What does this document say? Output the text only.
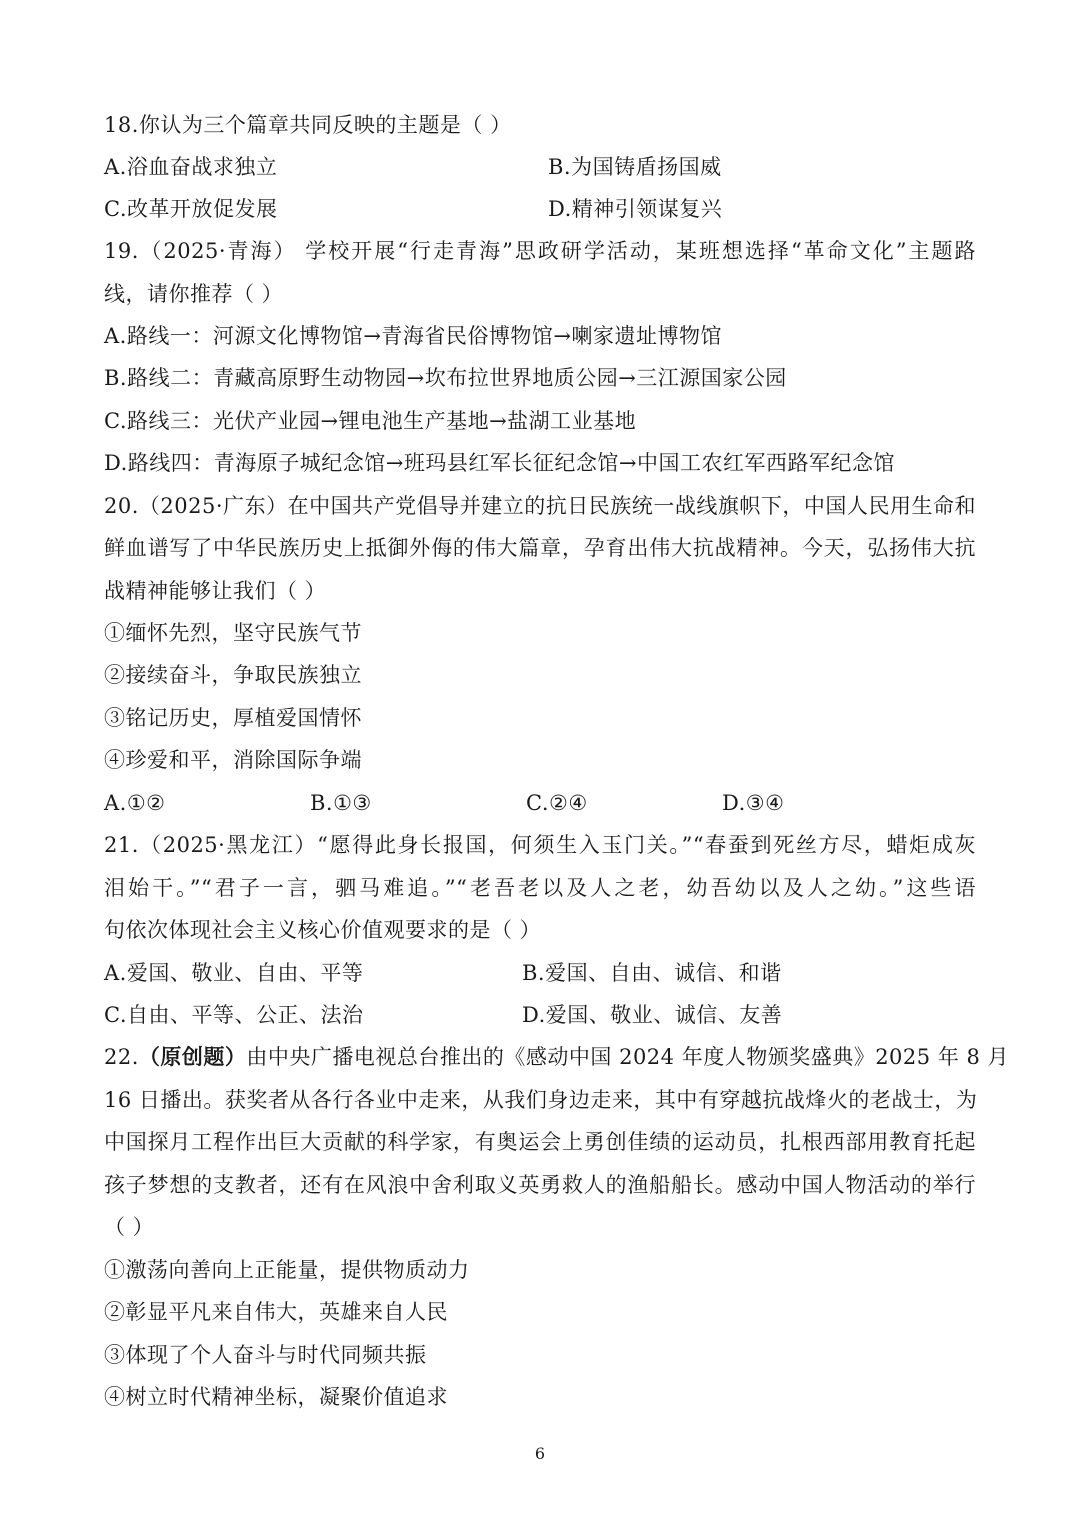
18.你认为三个篇章共同反映的主题是（ ）
A.浴血奋战求独立	B.为国铸盾扬国威
C.改革开放促发展	D.精神引领谋复兴
19.（2025·青海） 学校开展“行走青海”思政研学活动，某班想选择“革命文化”主题路
线，请你推荐（ ）
A.路线一：河源文化博物馆→青海省民俗博物馆→喇家遗址博物馆
B.路线二：青藏高原野生动物园→坎布拉世界地质公园→三江源国家公园
C.路线三：光伏产业园→锂电池生产基地→盐湖工业基地
D.路线四：青海原子城纪念馆→班玛县红军长征纪念馆→中国工农红军西路军纪念馆
20.（2025·广东）在中国共产党倡导并建立的抗日民族统一战线旗帜下，中国人民用生命和
鲜血谱写了中华民族历史上抵御外侮的伟大篇章，孕育出伟大抗战精神。今天，弘扬伟大抗
战精神能够让我们（ ）
①缅怀先烈，坚守民族气节
②接续奋斗，争取民族独立
③铭记历史，厚植爱国情怀
④珍爱和平，消除国际争端
A.①②	B.①③	C.②④	D.③④
21.（2025·黑龙江）“愿得此身长报国，何须生入玉门关。”“春蚕到死丝方尽，蜡炬成灰
泪始干。”“君子一言，驷马难追。”“老吾老以及人之老，幼吾幼以及人之幼。”这些语
句依次体现社会主义核心价值观要求的是（ ）
A.爱国、敬业、自由、平等	B.爱国、自由、诚信、和谐
C.自由、平等、公正、法治	D.爱国、敬业、诚信、友善
22.（原创题）由中央广播电视总台推出的《感动中国 2024 年度人物颁奖盛典》2025 年 8 月
16 日播出。获奖者从各行各业中走来，从我们身边走来，其中有穿越抗战烽火的老战士，为
中国探月工程作出巨大贡献的科学家，有奥运会上勇创佳绩的运动员，扎根西部用教育托起
孩子梦想的支教者，还有在风浪中舍利取义英勇救人的渔船船长。感动中国人物活动的举行
（ ）
①激荡向善向上正能量，提供物质动力
②彰显平凡来自伟大，英雄来自人民
③体现了个人奋斗与时代同频共振
④树立时代精神坐标，凝聚价值追求
6
